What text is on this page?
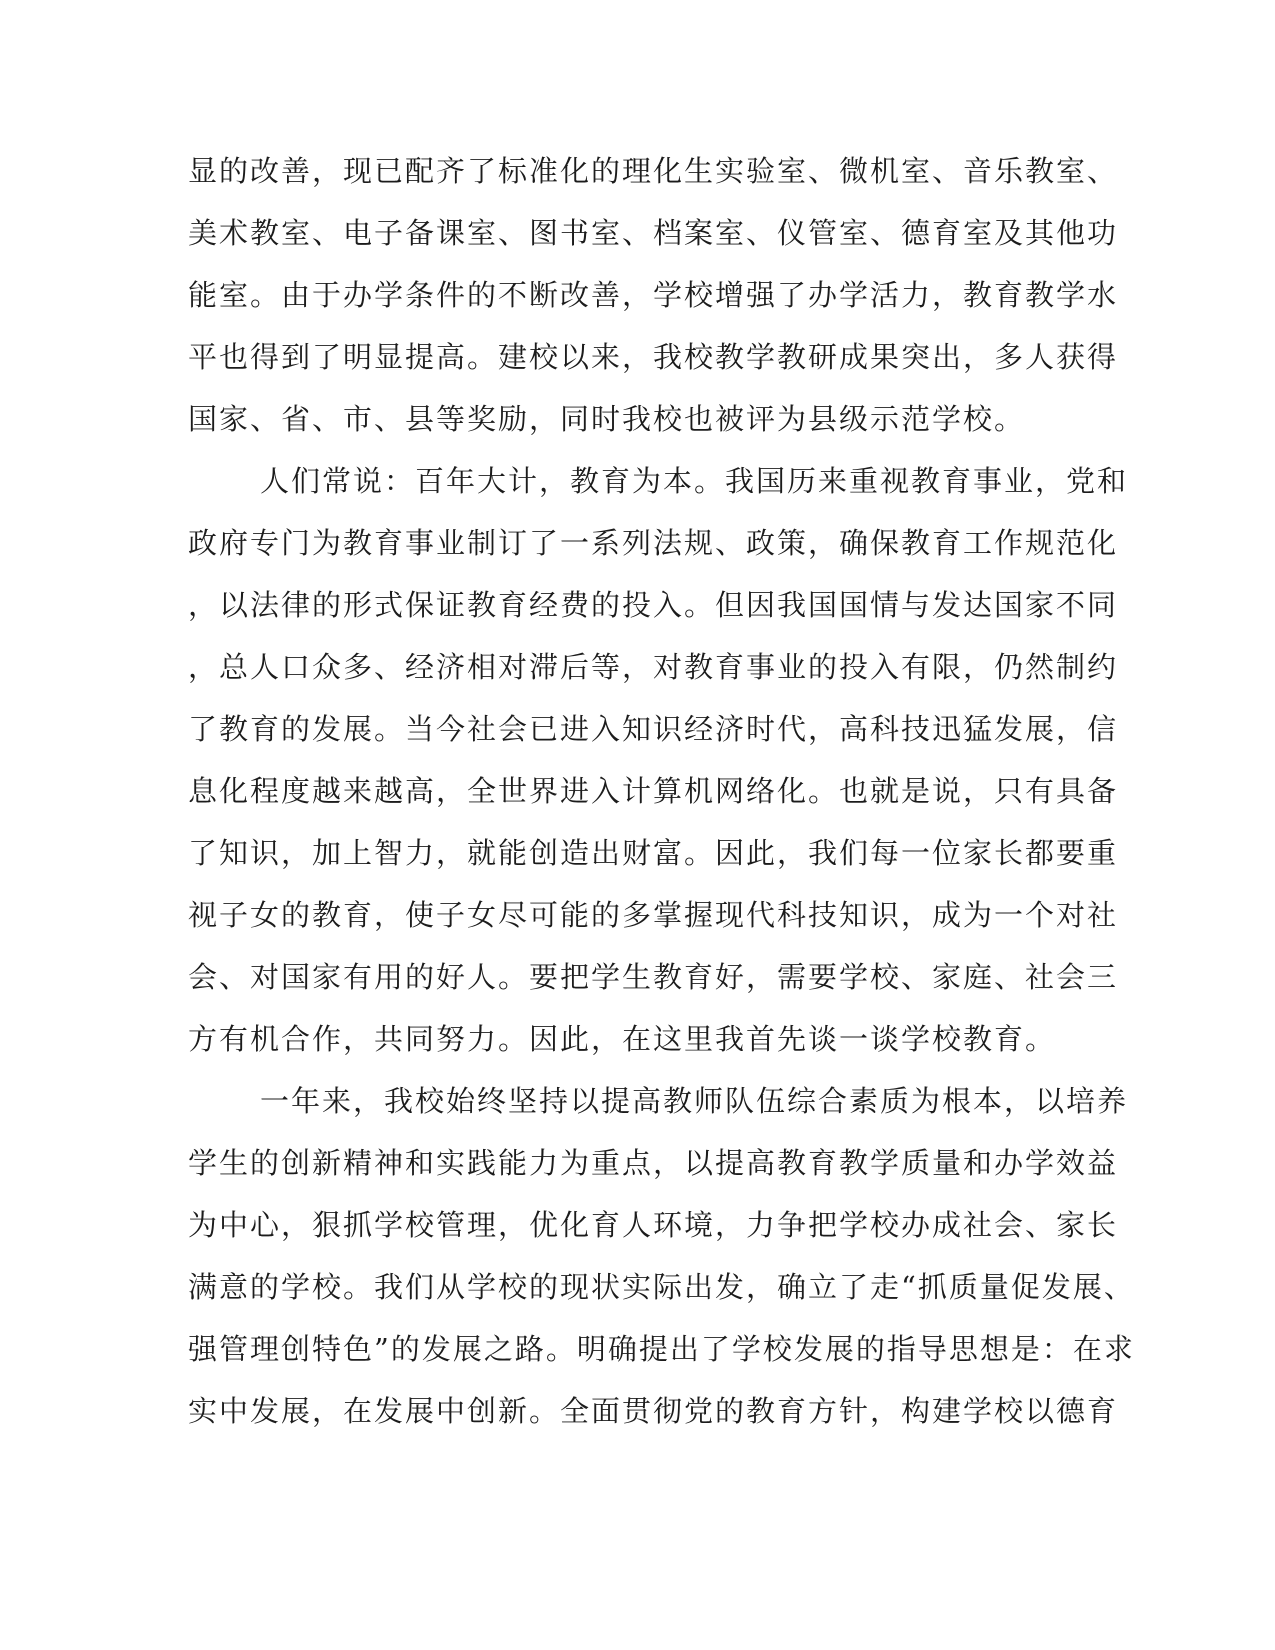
显的改善，现已配齐了标准化的理化生实验室、微机室、音乐教室、
美术教室、电子备课室、图书室、档案室、仪管室、德育室及其他功
能室。由于办学条件的不断改善，学校增强了办学活力，教育教学水
平也得到了明显提高。建校以来，我校教学教研成果突出，多人获得
国家、省、市、县等奖励，同时我校也被评为县级示范学校。
人们常说：百年大计，教育为本。我国历来重视教育事业，党和
政府专门为教育事业制订了一系列法规、政策，确保教育工作规范化
，以法律的形式保证教育经费的投入。但因我国国情与发达国家不同
，总人口众多、经济相对滞后等，对教育事业的投入有限，仍然制约
了教育的发展。当今社会已进入知识经济时代，高科技迅猛发展，信
息化程度越来越高，全世界进入计算机网络化。也就是说，只有具备
了知识，加上智力，就能创造出财富。因此，我们每一位家长都要重
视子女的教育，使子女尽可能的多掌握现代科技知识，成为一个对社
会、对国家有用的好人。要把学生教育好，需要学校、家庭、社会三
方有机合作，共同努力。因此，在这里我首先谈一谈学校教育。
一年来，我校始终坚持以提高教师队伍综合素质为根本，以培养
学生的创新精神和实践能力为重点，以提高教育教学质量和办学效益
为中心，狠抓学校管理，优化育人环境，力争把学校办成社会、家长
满意的学校。我们从学校的现状实际出发，确立了走“抓质量促发展、
强管理创特色”的发展之路。明确提出了学校发展的指导思想是：在求
实中发展，在发展中创新。全面贯彻党的教育方针，构建学校以德育
